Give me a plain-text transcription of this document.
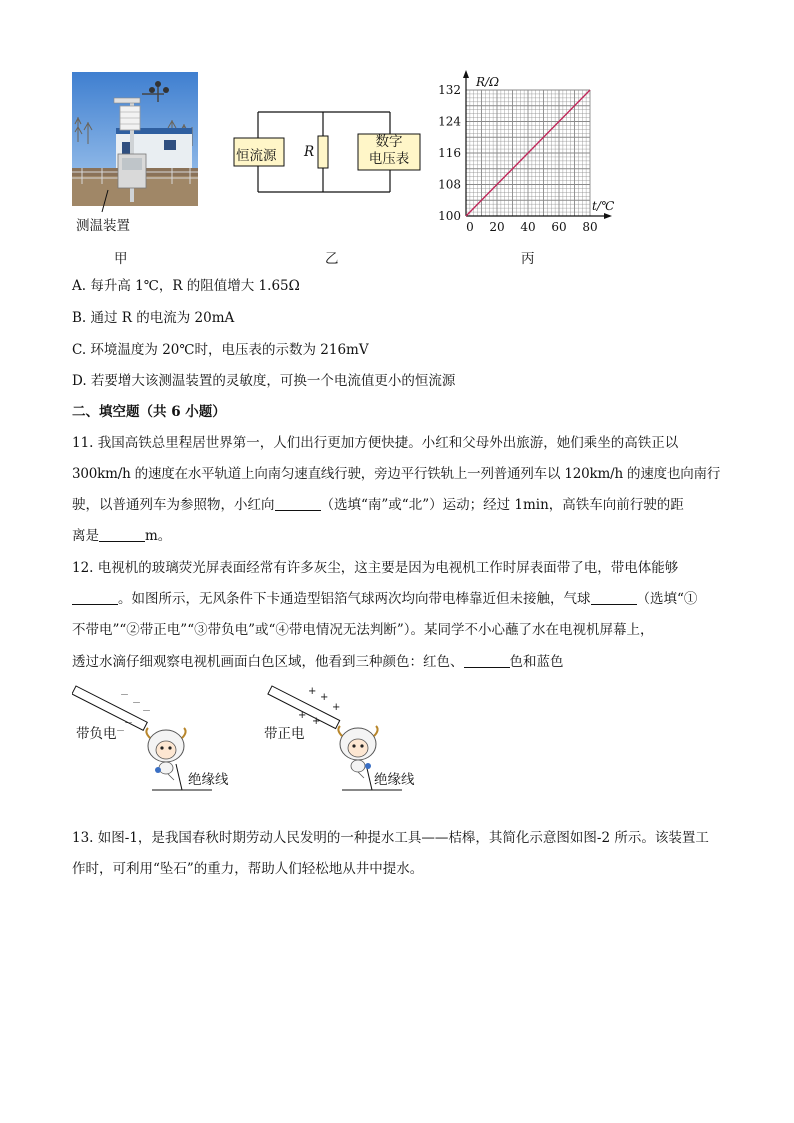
测温装置
甲
恒流源 R
数字
电压表
乙
100
108
116
124
132
0 20 40 60 80
R/Ω
t/℃
丙
A. 每升高 1℃，R 的阻值增大 1.65Ω
B. 通过 R 的电流为 20mA
C. 环境温度为 20℃时，电压表的示数为 216mV
D. 若要增大该测温装置的灵敏度，可换一个电流值更小的恒流源
二、填空题（共 6 小题）
11. 我国高铁总里程居世界第一，人们出行更加方便快捷。小红和父母外出旅游，她们乘坐的高铁正以
300km/h 的速度在水平轨道上向南匀速直线行驶，旁边平行铁轨上一列普通列车以 120km/h 的速度也向南行
驶，以普通列车为参照物，小红向	（选填“南”或“北”）运动；经过 1min，高铁车向前行驶的距
离是	m。
12. 电视机的玻璃荧光屏表面经常有许多灰尘，这主要是因为电视机工作时屏表面带了电，带电体能够
。如图所示，无风条件下卡通造型铝箔气球两次均向带电棒靠近但未接触，气球	（选填“①
不带电”“②带正电”“③带负电”或“④带电情况无法判断”）。某同学不小心蘸了水在电视机屏幕上，
透过水滴仔细观察电视机画面白色区域，他看到三种颜色：红色、	色和蓝色
带负电
绝缘线
－
－
－
－
－	带正电
绝缘线
+
+
+
+
+
13. 如图-1，是我国春秋时期劳动人民发明的一种提水工具——桔槔，其简化示意图如图-2 所示。该装置工
作时，可利用“坠石”的重力，帮助人们轻松地从井中提水。
